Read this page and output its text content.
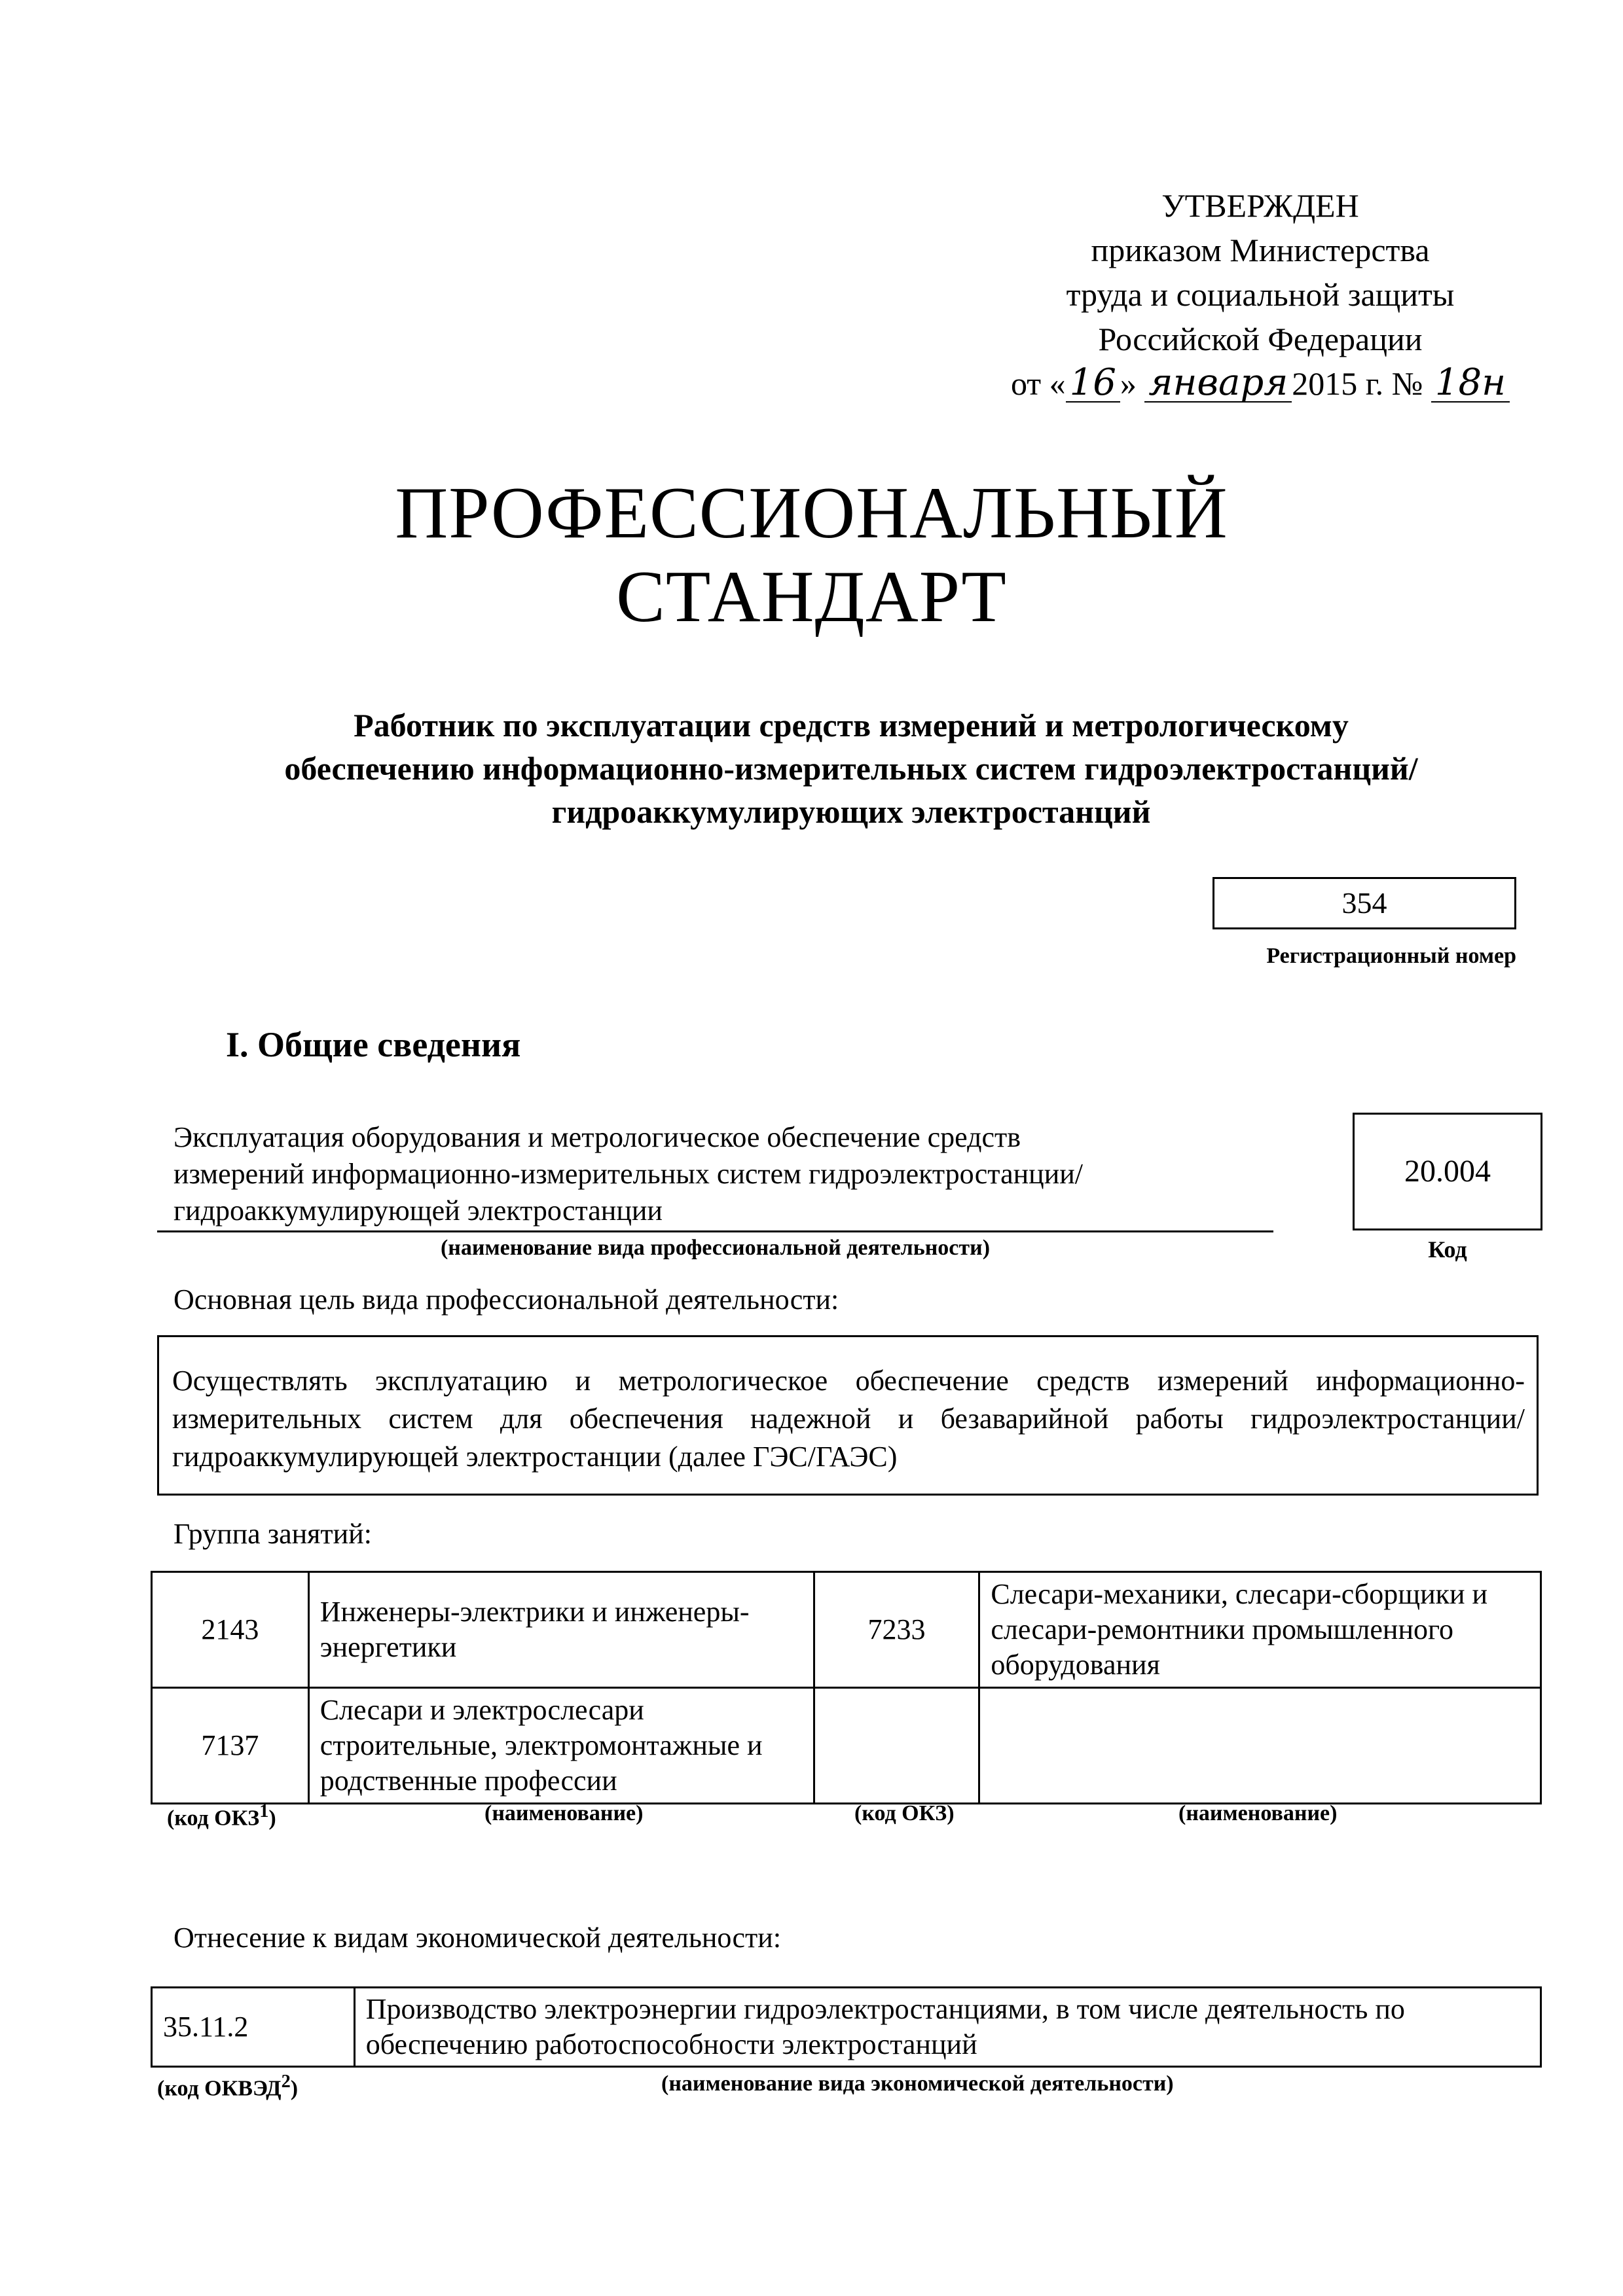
УТВЕРЖДЕН
приказом Министерства
труда и социальной защиты
Российской Федерации
от « 16 » января 2015 г. № 18н
ПРОФЕССИОНАЛЬНЫЙ
СТАНДАРТ
Работник по эксплуатации средств измерений и метрологическому
обеспечению информационно-измерительных систем гидроэлектростанций/
гидроаккумулирующих электростанций
354
Регистрационный номер
I. Общие сведения
Эксплуатация оборудования и метрологическое обеспечение средств
измерений информационно-измерительных систем гидроэлектростанции/
гидроаккумулирующей электростанции
(наименование вида профессиональной деятельности)
20.004
Код
Основная цель вида профессиональной деятельности:
Осуществлять эксплуатацию и метрологическое обеспечение средств измерений информационно-измерительных систем для обеспечения надежной и безаварийной работы гидроэлектростанции/ гидроаккумулирующей электростанции (далее ГЭС/ГАЭС)
Группа занятий:
2143	Инженеры-электрики и инженеры-энергетики	7233	Слесари-механики, слесари-сборщики и слесари-ремонтники промышленного оборудования
7137	Слесари и электрослесари строительные, электромонтажные и родственные профессии		
(код ОКЗ$^1$)	(наименование)	(код ОКЗ)	(наименование)
Отнесение к видам экономической деятельности:
35.11.2	Производство электроэнергии гидроэлектростанциями, в том числе деятельность по обеспечению работоспособности электростанций
(код ОКВЭД$^2$)	(наименование вида экономической деятельности)
